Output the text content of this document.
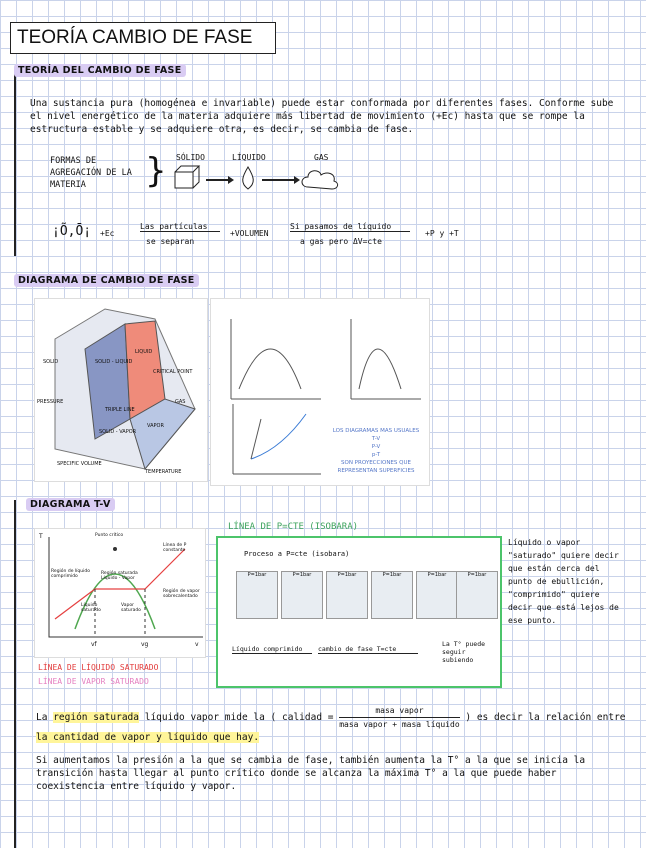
TEORÍA CAMBIO DE FASE
TEORÍA DEL CAMBIO DE FASE
Una sustancia pura (homogénea e invariable) puede estar conformada por diferentes fases. Conforme sube el nivel energético de la materia adquiere más libertad de movimiento (+Ec) hasta que se rompe la estructura estable y se adquiere otra, es decir, se cambia de fase.
FORMAS DE AGREGACIÓN DE LA MATERIA	} SÓLIDO	LÍQUIDO	GAS
¡Õ,Ō¡ +Ec
Las partículas
se separan
+VOLUMEN
Si pasamos de líquido
a gas pero ΔV=cte
+P y +T
DIAGRAMA DE CAMBIO DE FASE
SOLID	SOLID - LIQUID
LIQUID
CRITICAL POINT
GAS
TRIPLE LINE
SOLID - VAPOR
VAPOR
PRESSURE
SPECIFIC VOLUME
TEMPERATURE
LOS DIAGRAMAS MAS USUALES
T-V
P-V
p-T
SON PROYECCIONES QUE
REPRESENTAN SUPERFICIES
DIAGRAMA T-V
Punto crítico
Región de líquido comprimido
Región saturada Líquido - Vapor
Región de vapor sobrecalentado
Líquido saturado
Vapor saturado
Línea de P constante
vf	vg	v
T
LÍNEA DE LÍQUIDO SATURADO
LÍNEA DE VAPOR SATURADO
LÍNEA DE P=CTE (ISOBARA)
Proceso a P=cte (isobara)
P=1bar	P=1bar	P=1bar	P=1bar	P=1bar	P=1bar
Líquido comprimido	cambio de fase T=cte
La T° puede seguir subiendo
Líquido o vapor "saturado" quiere decir que están cerca del punto de ebullición, "comprimido" quiere decir que está lejos de ese punto.
La región saturada líquido vapor mide la ( calidad =
masa vapor
masa vapor + masa líquido
) es decir la relación entre la cantidad de vapor y líquido que hay.
Si aumentamos la presión a la que se cambia de fase, también aumenta la T° a la que se inicia la transición hasta llegar al punto crítico donde se alcanza la máxima T° a la que puede haber coexistencia entre líquido y vapor.
